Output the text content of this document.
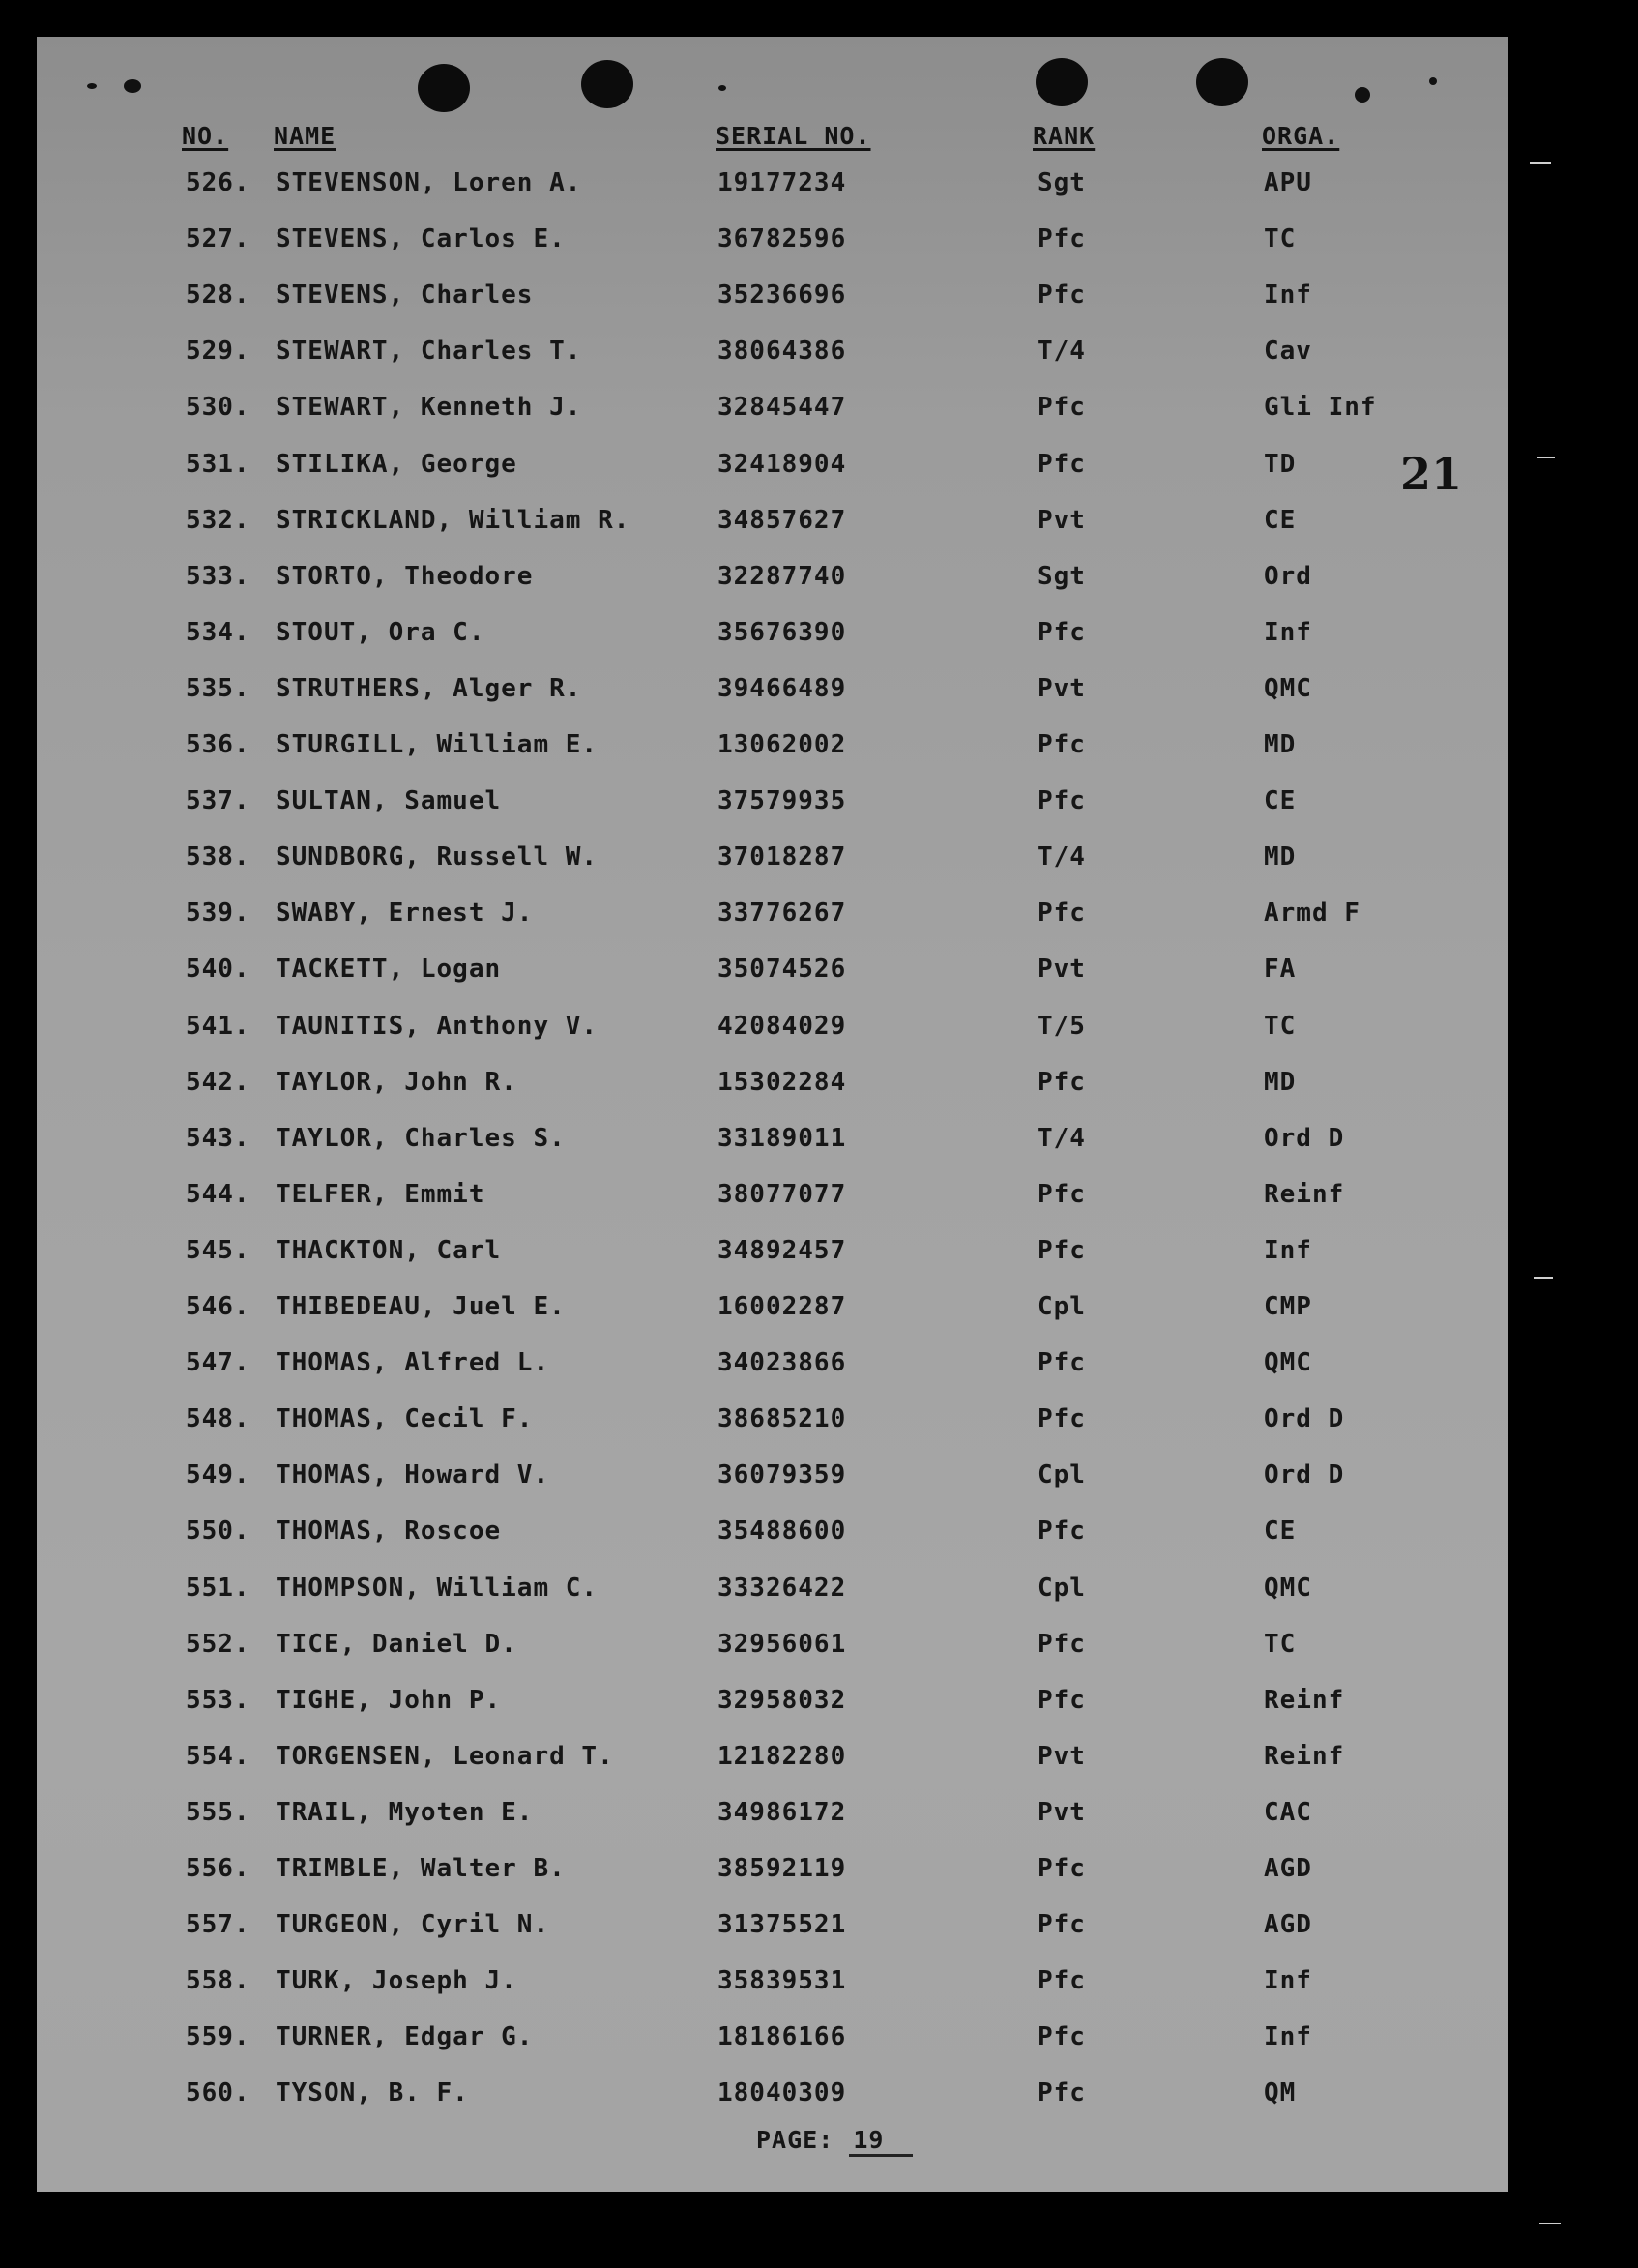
NO. NAME	SERIAL NO.	RANK	ORGA.
526. STEVENSON, Loren A.	19177234	Sgt	APU
527. STEVENS, Carlos E.	36782596	Pfc	TC
528. STEVENS, Charles	35236696	Pfc	Inf
529. STEWART, Charles T.	38064386	T/4	Cav
530. STEWART, Kenneth J.	32845447	Pfc	Gli Inf
531. STILIKA, George	32418904	Pfc	TD
532. STRICKLAND, William R.	34857627	Pvt	CE
533. STORTO, Theodore	32287740	Sgt	Ord
534. STOUT, Ora C.	35676390	Pfc	Inf
535. STRUTHERS, Alger R.	39466489	Pvt	QMC
536. STURGILL, William E.	13062002	Pfc	MD
537. SULTAN, Samuel	37579935	Pfc	CE
538. SUNDBORG, Russell W.	37018287	T/4	MD
539. SWABY, Ernest J.	33776267	Pfc	Armd F
540. TACKETT, Logan	35074526	Pvt	FA
541. TAUNITIS, Anthony V.	42084029	T/5	TC
542. TAYLOR, John R.	15302284	Pfc	MD
543. TAYLOR, Charles S.	33189011	T/4	Ord D
544. TELFER, Emmit	38077077	Pfc	Reinf
545. THACKTON, Carl	34892457	Pfc	Inf
546. THIBEDEAU, Juel E.	16002287	Cpl	CMP
547. THOMAS, Alfred L.	34023866	Pfc	QMC
548. THOMAS, Cecil F.	38685210	Pfc	Ord D
549. THOMAS, Howard V.	36079359	Cpl	Ord D
550. THOMAS, Roscoe	35488600	Pfc	CE
551. THOMPSON, William C.	33326422	Cpl	QMC
552. TICE, Daniel D.	32956061	Pfc	TC
553. TIGHE, John P.	32958032	Pfc	Reinf
554. TORGENSEN, Leonard T.	12182280	Pvt	Reinf
555. TRAIL, Myoten E.	34986172	Pvt	CAC
556. TRIMBLE, Walter B.	38592119	Pfc	AGD
557. TURGEON, Cyril N.	31375521	Pfc	AGD
558. TURK, Joseph J.	35839531	Pfc	Inf
559. TURNER, Edgar G.	18186166	Pfc	Inf
560. TYSON, B. F.	18040309	Pfc	QM
21
PAGE: 19
